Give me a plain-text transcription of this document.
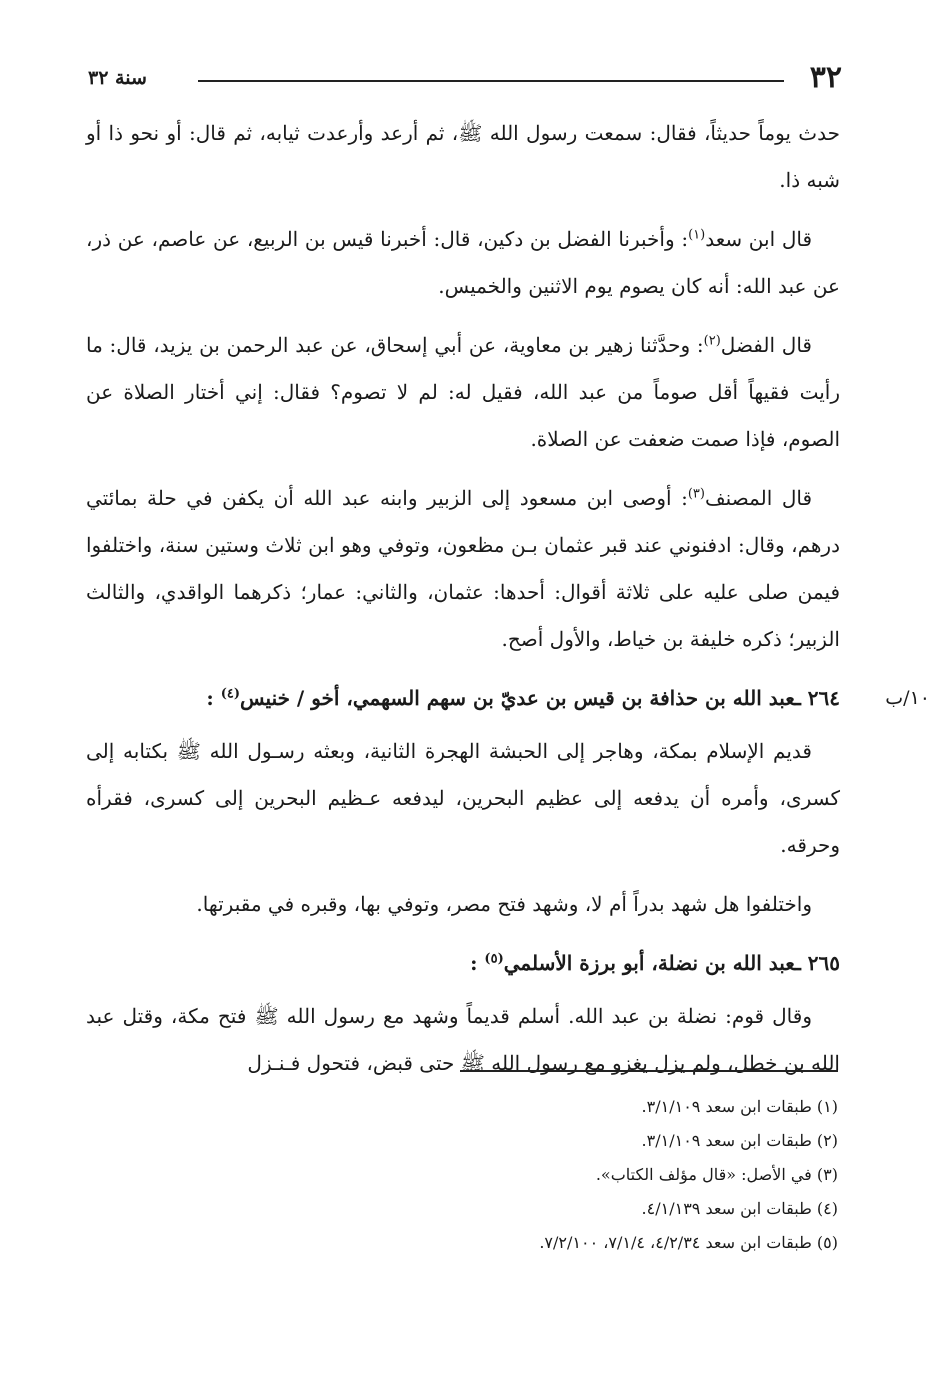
٣٢
سنة ٣٢

حدث يوماً حديثاً، فقال: سمعت رسول الله ﷺ، ثم أرعد وأرعدت ثيابه، ثم قال: أو نحو ذا أو شبه ذا.

قال ابن سعد$^{(١)}$: وأخبرنا الفضل بن دكين، قال: أخبرنا قيس بن الربيع، عن عاصم، عن ذر، عن عبد الله: أنه كان يصوم يوم الاثنين والخميس.

قال الفضل$^{(٢)}$: وحدَّثنا زهير بن معاوية، عن أبي إسحاق، عن عبد الرحمن بن يزيد، قال: ما رأيت فقيهاً أقل صوماً من عبد الله، فقيل له: لم لا تصوم؟ فقال: إني أختار الصلاة عن الصوم، فإذا صمت ضعفت عن الصلاة.

قال المصنف$^{(٣)}$: أوصى ابن مسعود إلى الزبير وابنه عبد الله أن يكفن في حلة بمائتي درهم، وقال: ادفنوني عند قبر عثمان بـن مظعون، وتوفي وهو ابن ثلاث وستين سنة، واختلفوا فيمن صلى عليه على ثلاثة أقوال: أحدها: عثمان، والثاني: عمار؛ ذكرهما الواقدي، والثالث الزبير؛ ذكره خليفة بن خياط، والأول أصح.

١٠/ب
٢٦٤ ـعبد الله بن حذافة بن قيس بن عديّ بن سهم السهمي، أخو / خنيس$^{(٤)}$ :

قديم الإسلام بمكة، وهاجر إلى الحبشة الهجرة الثانية، وبعثه رسـول الله ﷺ بكتابه إلى كسرى، وأمره أن يدفعه إلى عظيم البحرين، ليدفعه عـظيم البحرين إلى كسرى، فقرأه وحرقه.

واختلفوا هل شهد بدراً أم لا، وشهد فتح مصر، وتوفي بها، وقبره في مقبرتها.

٢٦٥ ـعبد الله بن نضلة، أبو برزة الأسلمي$^{(٥)}$ :

وقال قوم: نضلة بن عبد الله. أسلم قديماً وشهد مع رسول الله ﷺ فتح مكة، وقتل عبد الله بن خطل، ولم يزل يغزو مع رسول الله ﷺ حتى قبض، فتحول فـنـزل

(١) طبقات ابن سعد ٣/١/١٠٩.

(٢) طبقات ابن سعد ٣/١/١٠٩.

(٣) في الأصل: «قال مؤلف الكتاب».

(٤) طبقات ابن سعد ٤/١/١٣٩.

(٥) طبقات ابن سعد ٤/٢/٣٤، ٧/١/٤، ٧/٢/١٠٠.
